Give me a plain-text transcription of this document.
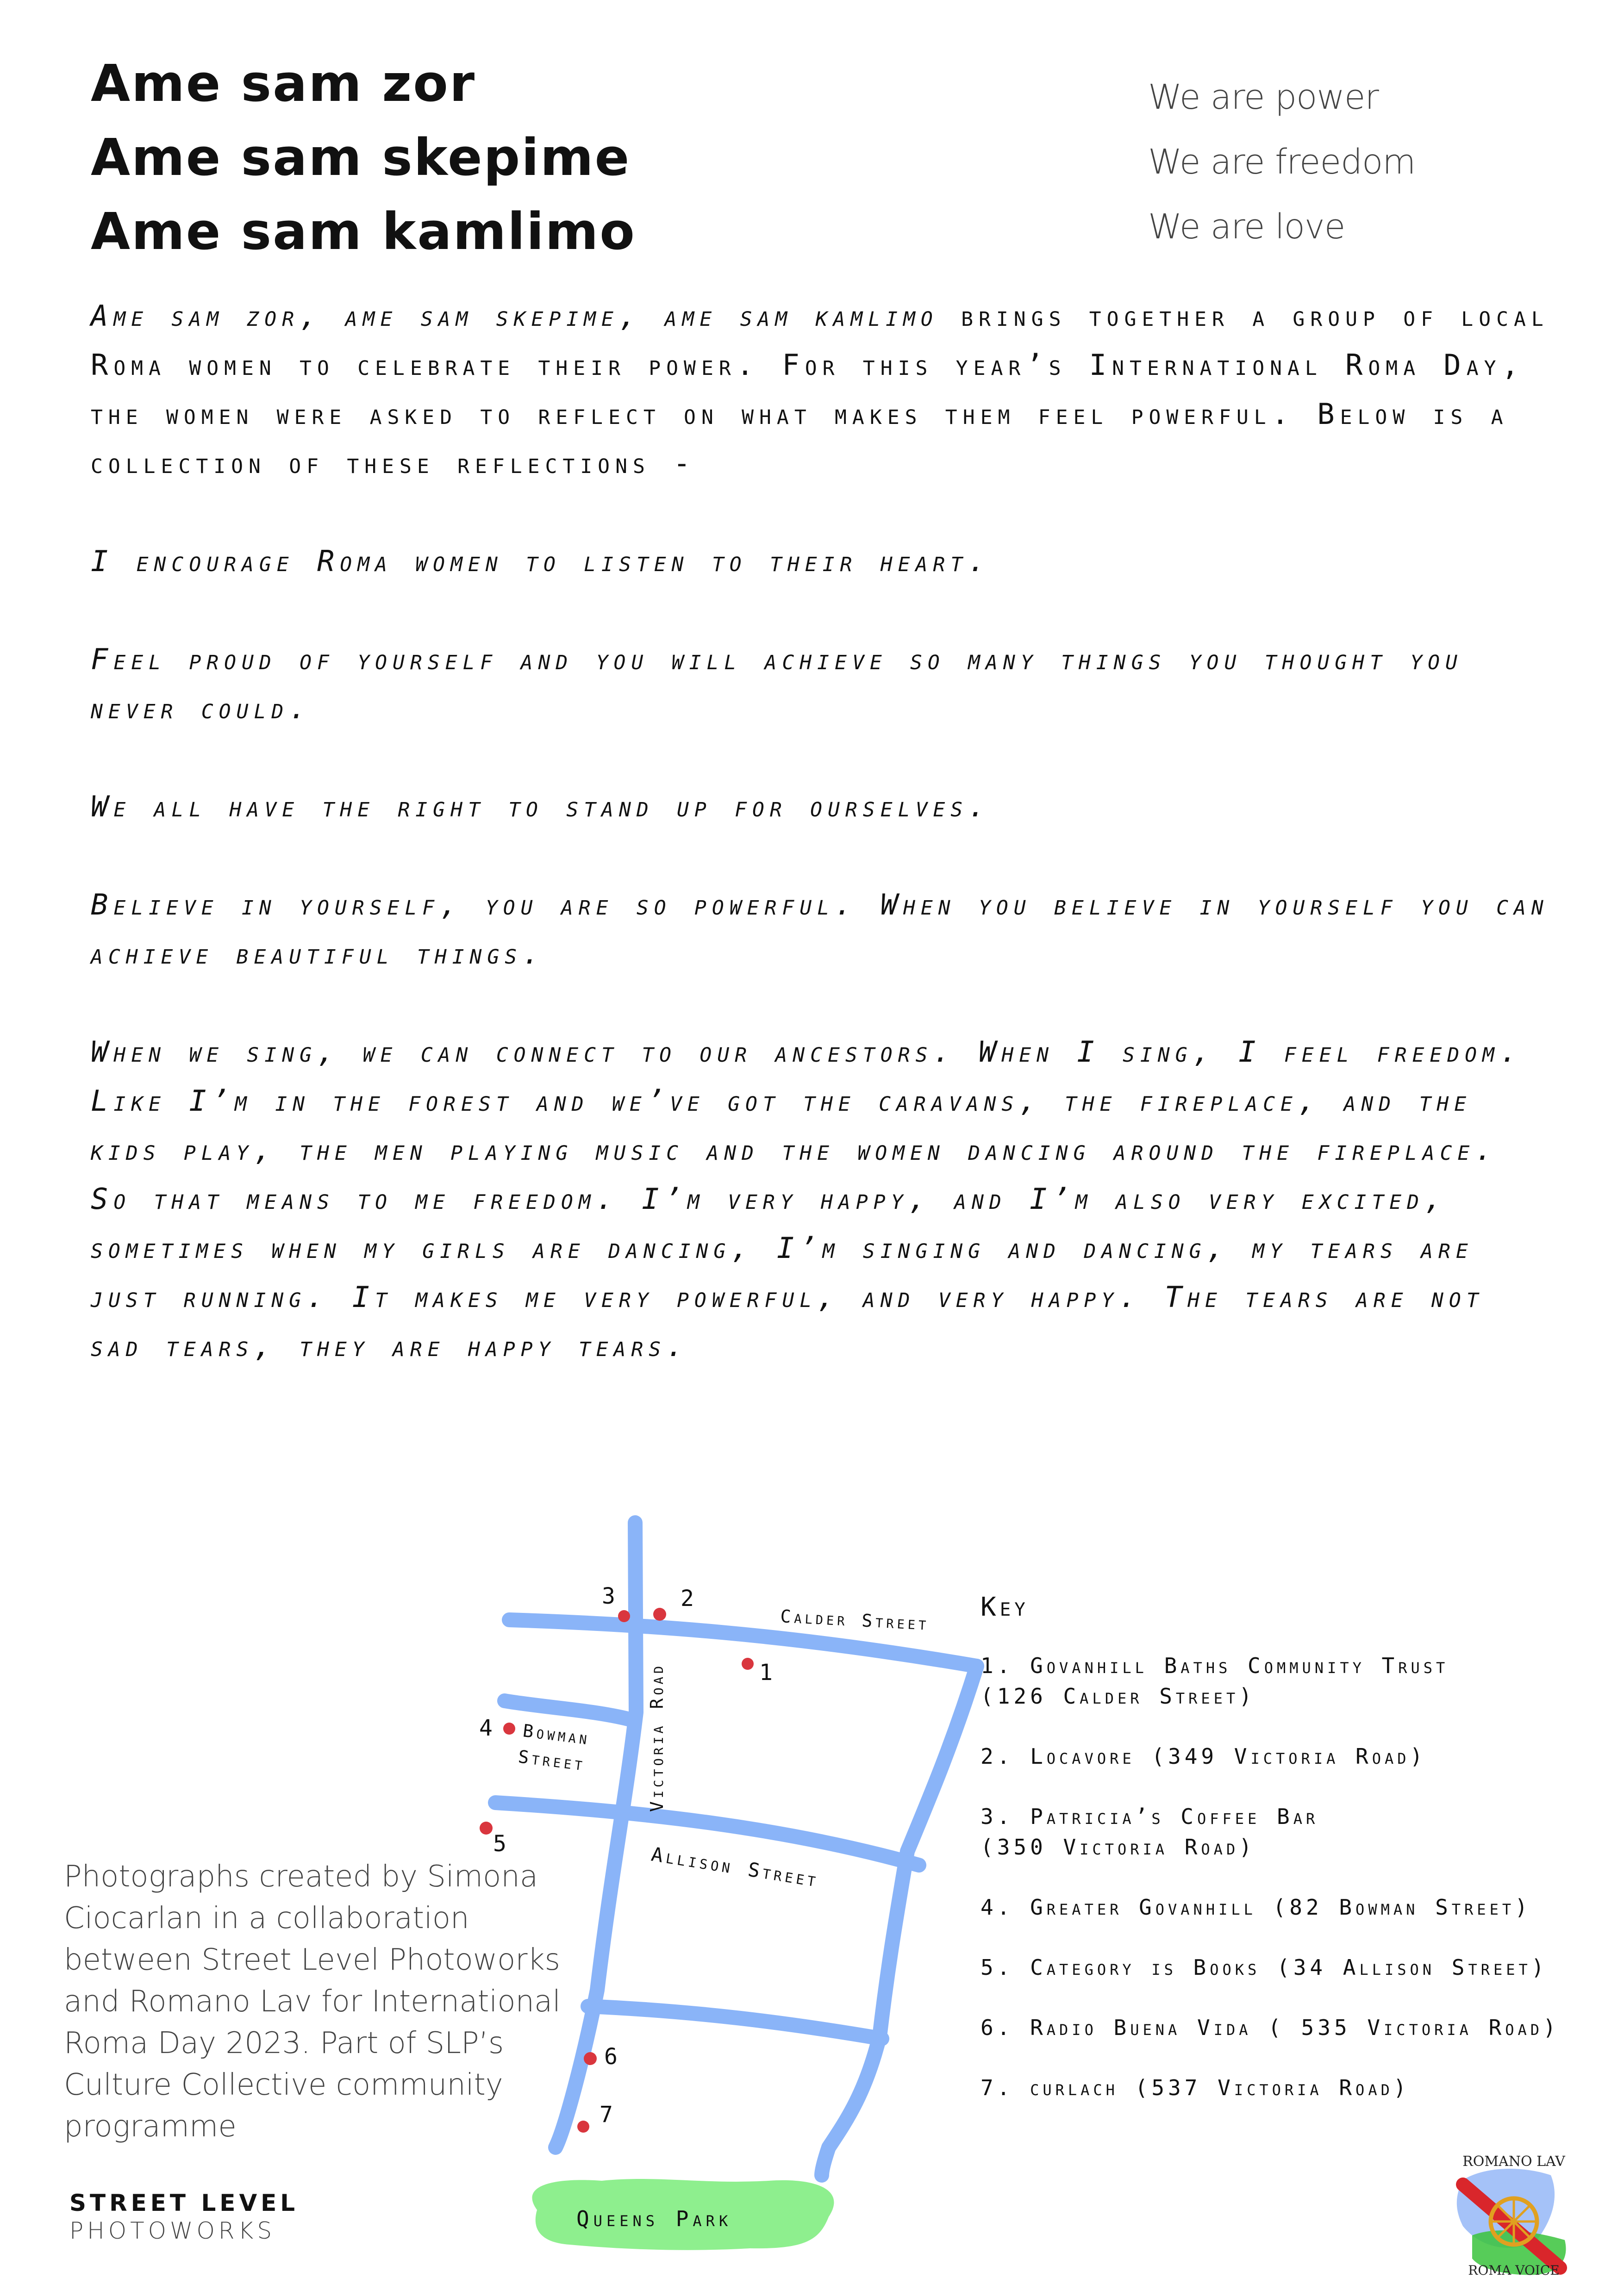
Ame sam zor
Ame sam skepime
Ame sam kamlimo
We are power
We are freedom
We are love

Ame sam zor, ame sam skepime, ame sam kamlimo brings together a group of local Roma women to celebrate their power. For this year’s International Roma Day, the women were asked to reflect on what makes them feel powerful. Below is a collection of these reflections -

I encourage Roma women to listen to their heart.

Feel proud of yourself and you will achieve so many things you thought you never could.

We all have the right to stand up for ourselves.

Believe in yourself, you are so powerful. When you believe in yourself you can achieve beautiful things.

When we sing, we can connect to our ancestors. When I sing, I feel freedom. Like I’m in the forest and we’ve got the caravans, the fireplace, and the kids play, the men playing music and the women dancing around the fireplace. So that means to me freedom. I’m very happy, and I’m also very excited, sometimes when my girls are dancing, I’m singing and dancing, my tears are just running. It makes me very powerful, and very happy. The tears are not sad tears, they are happy tears.

1
2
3
4
5
6
7
Calder Street
Victoria Road
Bowman
Street
Allison Street
Queens Park
Key
1. Govanhill Baths Community Trust
(126 Calder Street)
2. Locavore (349 Victoria Road)
3. Patricia’s Coffee Bar
(350 Victoria Road)
4. Greater Govanhill (82 Bowman Street)
5. Category is Books (34 Allison Street)
6. Radio Buena Vida ( 535 Victoria Road)
7. curlach (537 Victoria Road)
Photographs created by Simona Ciocarlan in a collaboration between Street Level Photoworks and Romano Lav for International Roma Day 2023. Part of SLP’s Culture Collective community programme
STREET LEVEL
PHOTOWORKS
ROMANO LAV
ROMA VOICE
